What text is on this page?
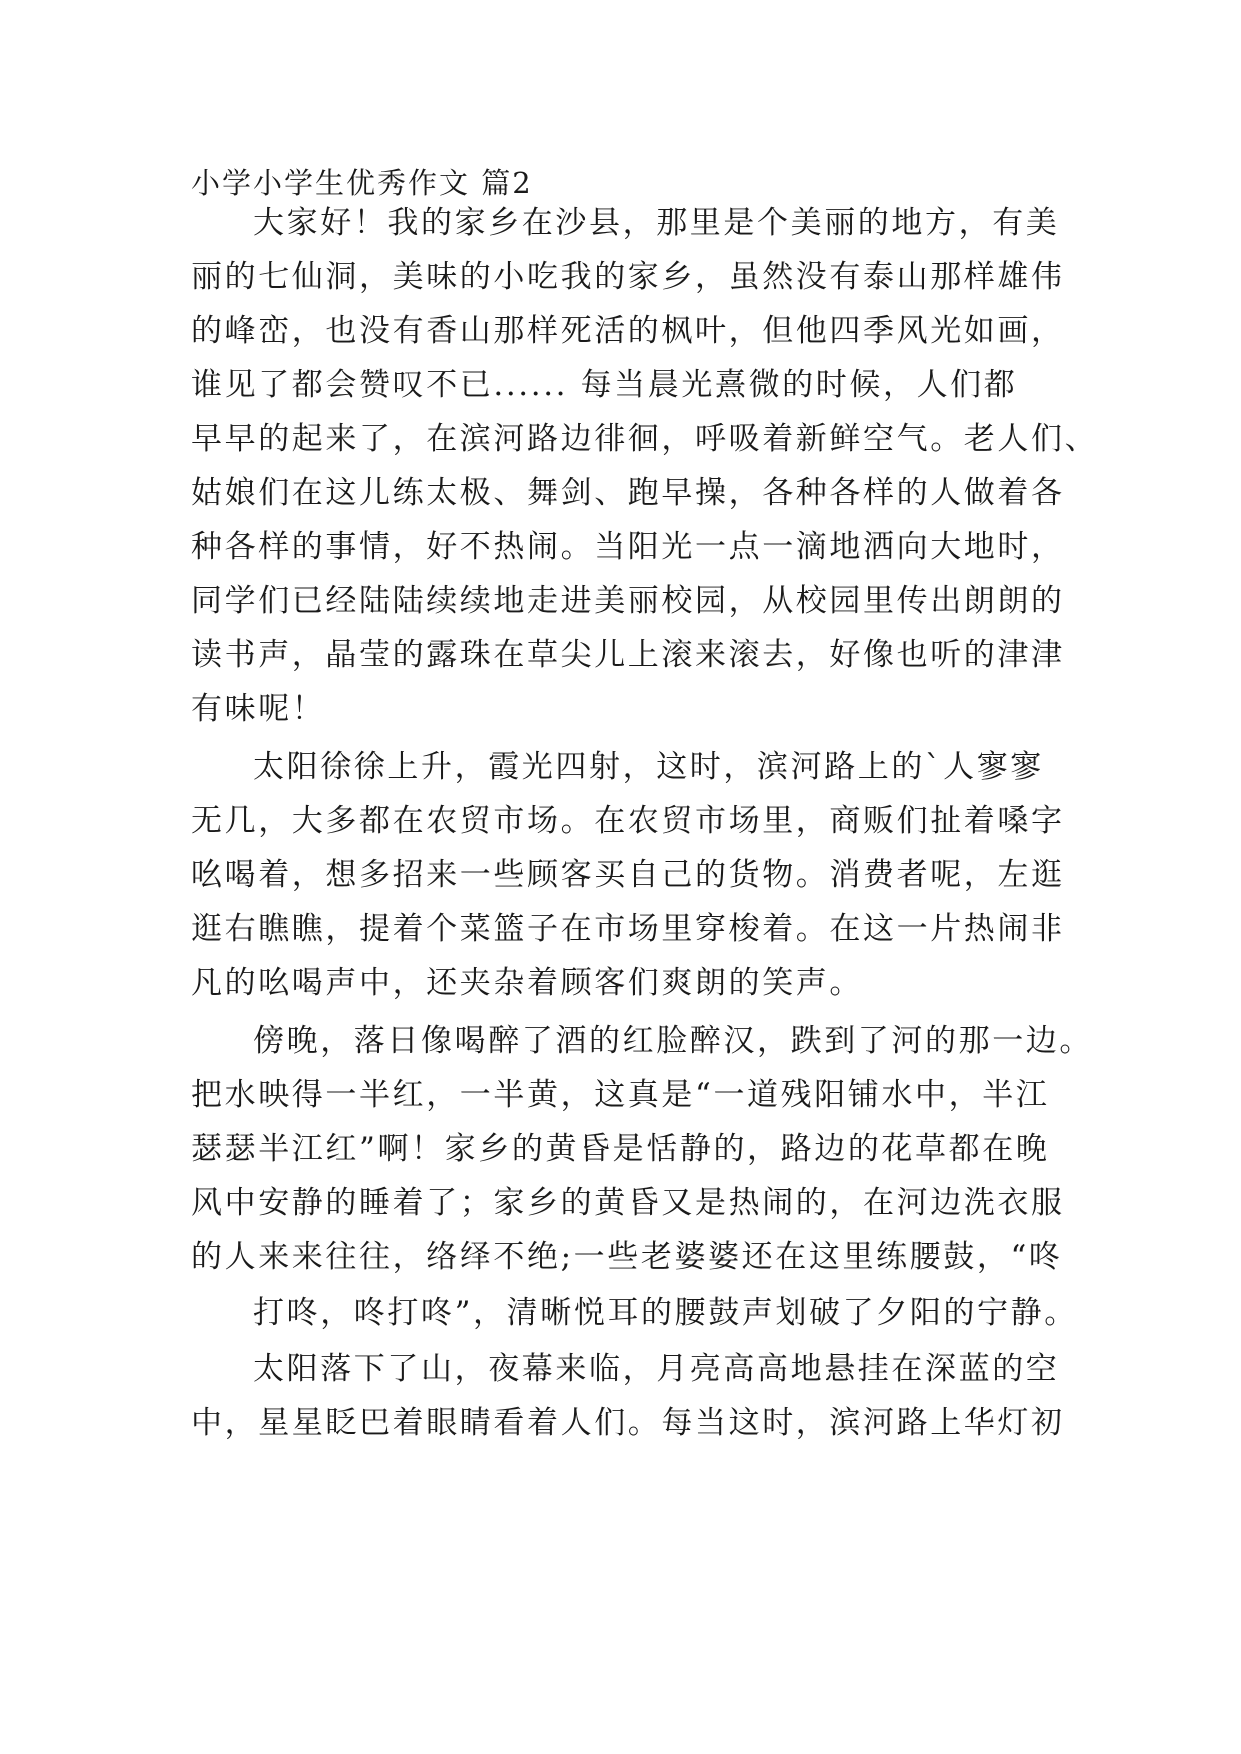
小学小学生优秀作文 篇2
大家好！我的家乡在沙县，那里是个美丽的地方，有美
丽的七仙洞，美味的小吃我的家乡，虽然没有泰山那样雄伟
的峰峦，也没有香山那样死活的枫叶，但他四季风光如画，
谁见了都会赞叹不已...... 每当晨光熹微的时候，人们都
早早的起来了，在滨河路边徘徊，呼吸着新鲜空气。老人们、
姑娘们在这儿练太极、舞剑、跑早操，各种各样的人做着各
种各样的事情，好不热闹。当阳光一点一滴地洒向大地时，
同学们已经陆陆续续地走进美丽校园，从校园里传出朗朗的
读书声，晶莹的露珠在草尖儿上滚来滚去，好像也听的津津
有味呢！
太阳徐徐上升，霞光四射，这时，滨河路上的`人寥寥
无几，大多都在农贸市场。在农贸市场里，商贩们扯着嗓字
吆喝着，想多招来一些顾客买自己的货物。消费者呢，左逛
逛右瞧瞧，提着个菜篮子在市场里穿梭着。在这一片热闹非
凡的吆喝声中，还夹杂着顾客们爽朗的笑声。
傍晚，落日像喝醉了酒的红脸醉汉，跌到了河的那一边。
把水映得一半红，一半黄，这真是“一道残阳铺水中，半江
瑟瑟半江红”啊！家乡的黄昏是恬静的，路边的花草都在晚
风中安静的睡着了；家乡的黄昏又是热闹的，在河边洗衣服
的人来来往往，络绎不绝;一些老婆婆还在这里练腰鼓，“咚
打咚，咚打咚”，清晰悦耳的腰鼓声划破了夕阳的宁静。
太阳落下了山，夜幕来临，月亮高高地悬挂在深蓝的空
中，星星眨巴着眼睛看着人们。每当这时，滨河路上华灯初
